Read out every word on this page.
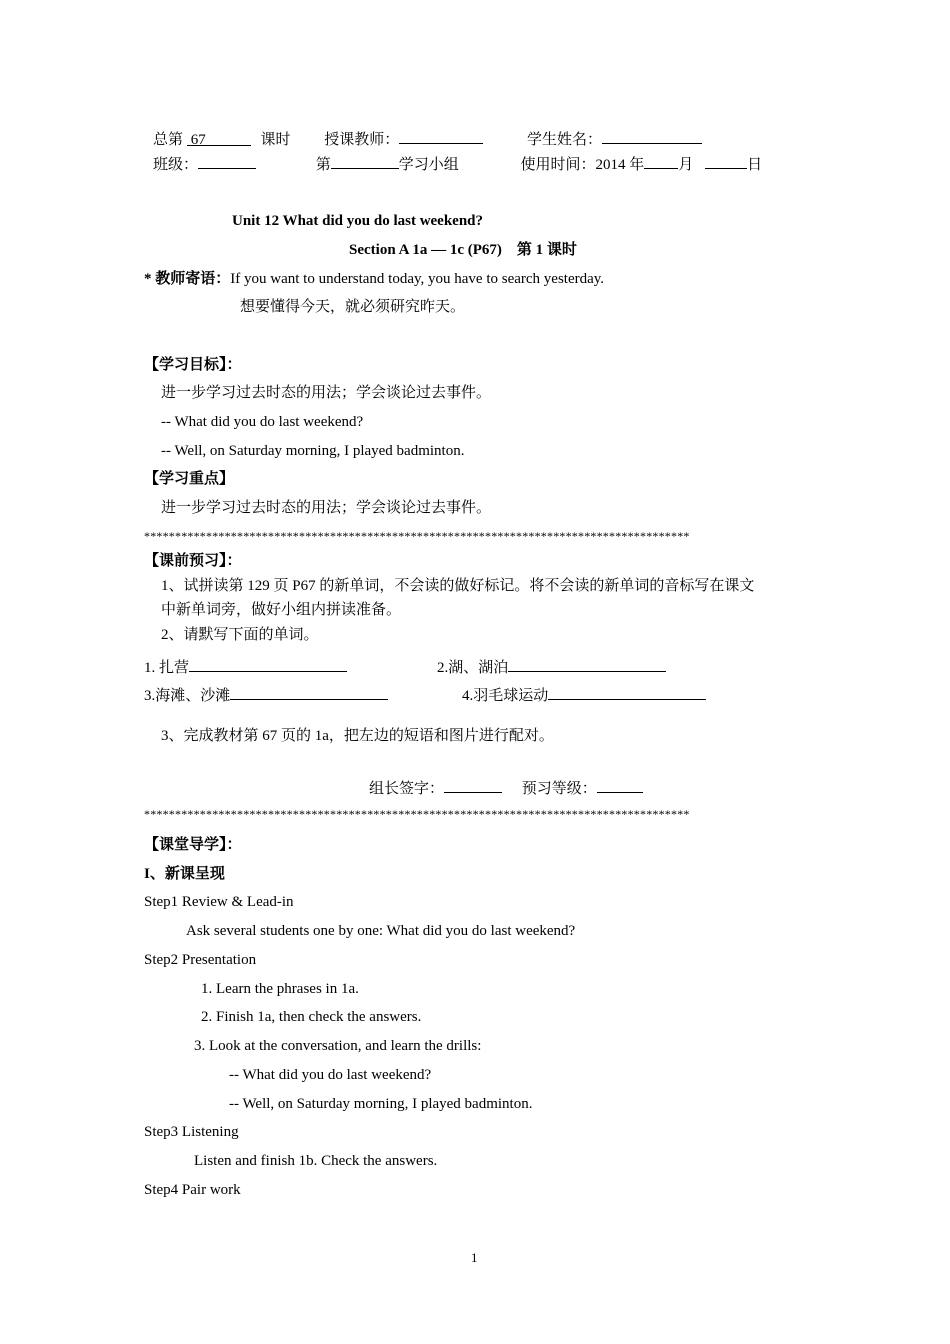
总第 67	课时 授课教师：	学生姓名：
班级：	第	学习小组	使用时间：2014 年 月	日
Unit 12 What did you do last weekend?
Section A 1a — 1c (P67)　第 1 课时
* 教师寄语：If you want to understand today, you have to search yesterday.
想要懂得今天，就必须研究昨天。
【学习目标】：
进一步学习过去时态的用法；学会谈论过去事件。
-- What did you do last weekend?
-- Well, on Saturday morning, I played badminton.
【学习重点】
进一步学习过去时态的用法；学会谈论过去事件。
****************************************************************************************
【课前预习】：
1、试拼读第 129 页 P67 的新单词，不会读的做好标记。将不会读的新单词的音标写在课文
中新单词旁，做好小组内拼读准备。
2、请默写下面的单词。
1. 扎营	2.湖、湖泊
3.海滩、沙滩	4.羽毛球运动
3、完成教材第 67 页的 1a，把左边的短语和图片进行配对。
组长签字：	预习等级：
****************************************************************************************
【课堂导学】：
I、新课呈现
Step1 Review & Lead-in
Ask several students one by one: What did you do last weekend?
Step2 Presentation
1. Learn the phrases in 1a.
2. Finish 1a, then check the answers.
3. Look at the conversation, and learn the drills:
-- What did you do last weekend?
-- Well, on Saturday morning, I played badminton.
Step3 Listening
Listen and finish 1b. Check the answers.
Step4 Pair work
1
